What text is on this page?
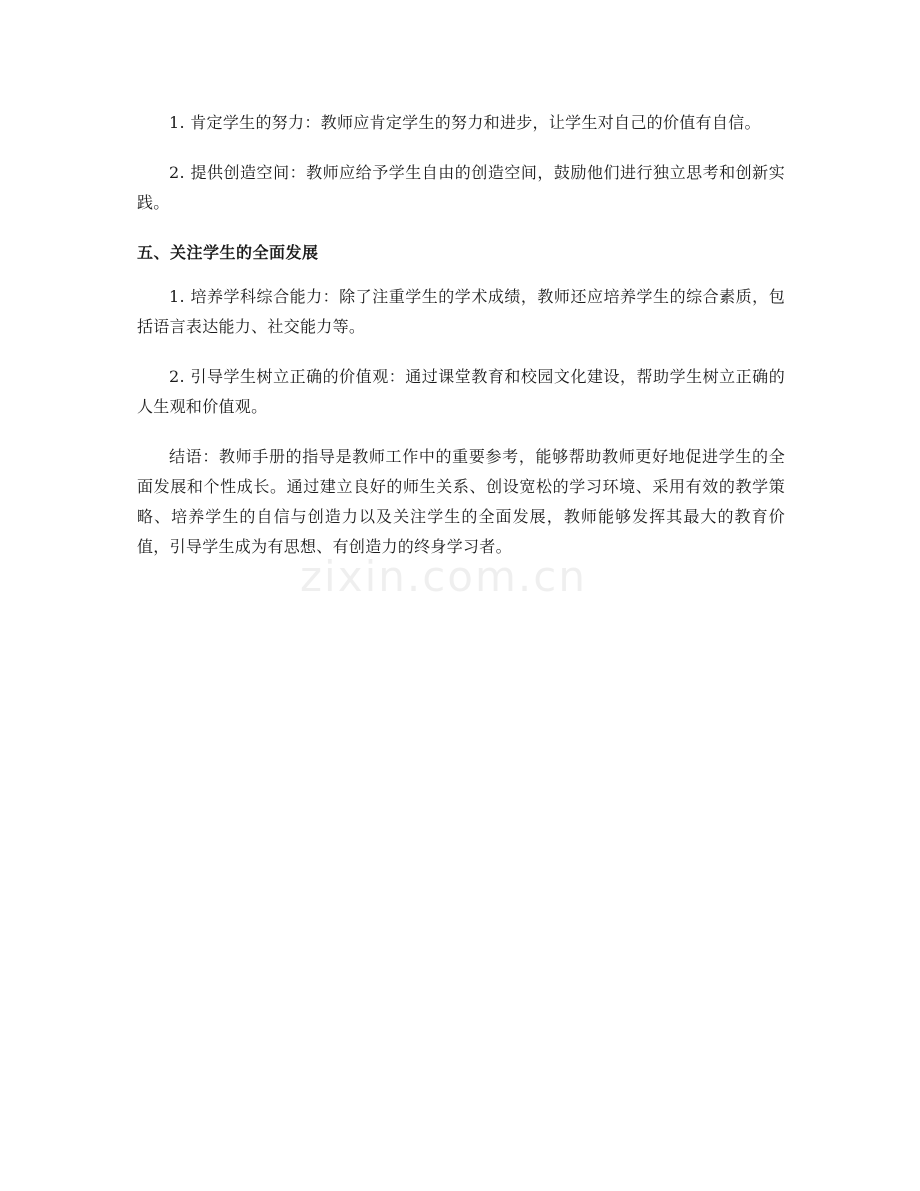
1. 肯定学生的努力：教师应肯定学生的努力和进步，让学生对自己的价值有自信。

2. 提供创造空间：教师应给予学生自由的创造空间，鼓励他们进行独立思考和创新实践。

五、关注学生的全面发展

1. 培养学科综合能力：除了注重学生的学术成绩，教师还应培养学生的综合素质，包括语言表达能力、社交能力等。

2. 引导学生树立正确的价值观：通过课堂教育和校园文化建设，帮助学生树立正确的人生观和价值观。

结语：教师手册的指导是教师工作中的重要参考，能够帮助教师更好地促进学生的全面发展和个性成长。通过建立良好的师生关系、创设宽松的学习环境、采用有效的教学策略、培养学生的自信与创造力以及关注学生的全面发展，教师能够发挥其最大的教育价值，引导学生成为有思想、有创造力的终身学习者。

zixin.com.cn
